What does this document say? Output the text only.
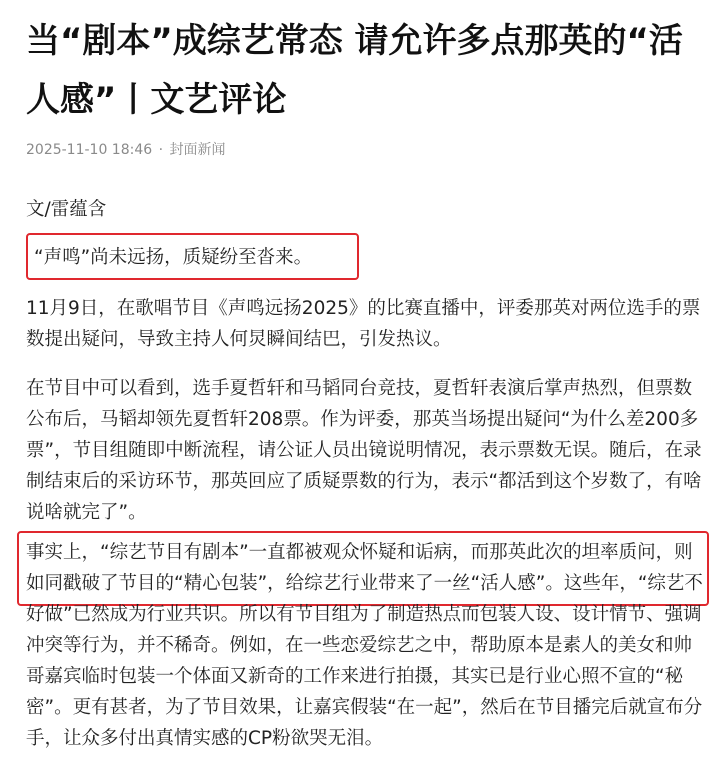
当“剧本”成综艺常态 请允许多点那英的“活人感”丨文艺评论
2025-11-10 18:46 · 封面新闻

文/雷蕴含

“声鸣”尚未远扬，质疑纷至沓来。

11月9日，在歌唱节目《声鸣远扬2025》的比赛直播中，评委那英对两位选手的票数提出疑问，导致主持人何炅瞬间结巴，引发热议。

在节目中可以看到，选手夏哲轩和马韬同台竞技，夏哲轩表演后掌声热烈，但票数公布后，马韬却领先夏哲轩208票。作为评委，那英当场提出疑问“为什么差200多票”，节目组随即中断流程，请公证人员出镜说明情况，表示票数无误。随后，在录制结束后的采访环节，那英回应了质疑票数的行为，表示“都活到这个岁数了，有啥说啥就完了”。

事实上，“综艺节目有剧本”一直都被观众怀疑和诟病，而那英此次的坦率质问，则如同戳破了节目的“精心包装”，给综艺行业带来了一丝“活人感”。这些年，“综艺不好做”已然成为行业共识。所以有节目组为了制造热点而包装人设、设计情节、强调冲突等行为，并不稀奇。例如，在一些恋爱综艺之中，帮助原本是素人的美女和帅哥嘉宾临时包装一个体面又新奇的工作来进行拍摄，其实已是行业心照不宣的“秘密”。更有甚者，为了节目效果，让嘉宾假装“在一起”，然后在节目播完后就宣布分手，让众多付出真情实感的CP粉欲哭无泪。
